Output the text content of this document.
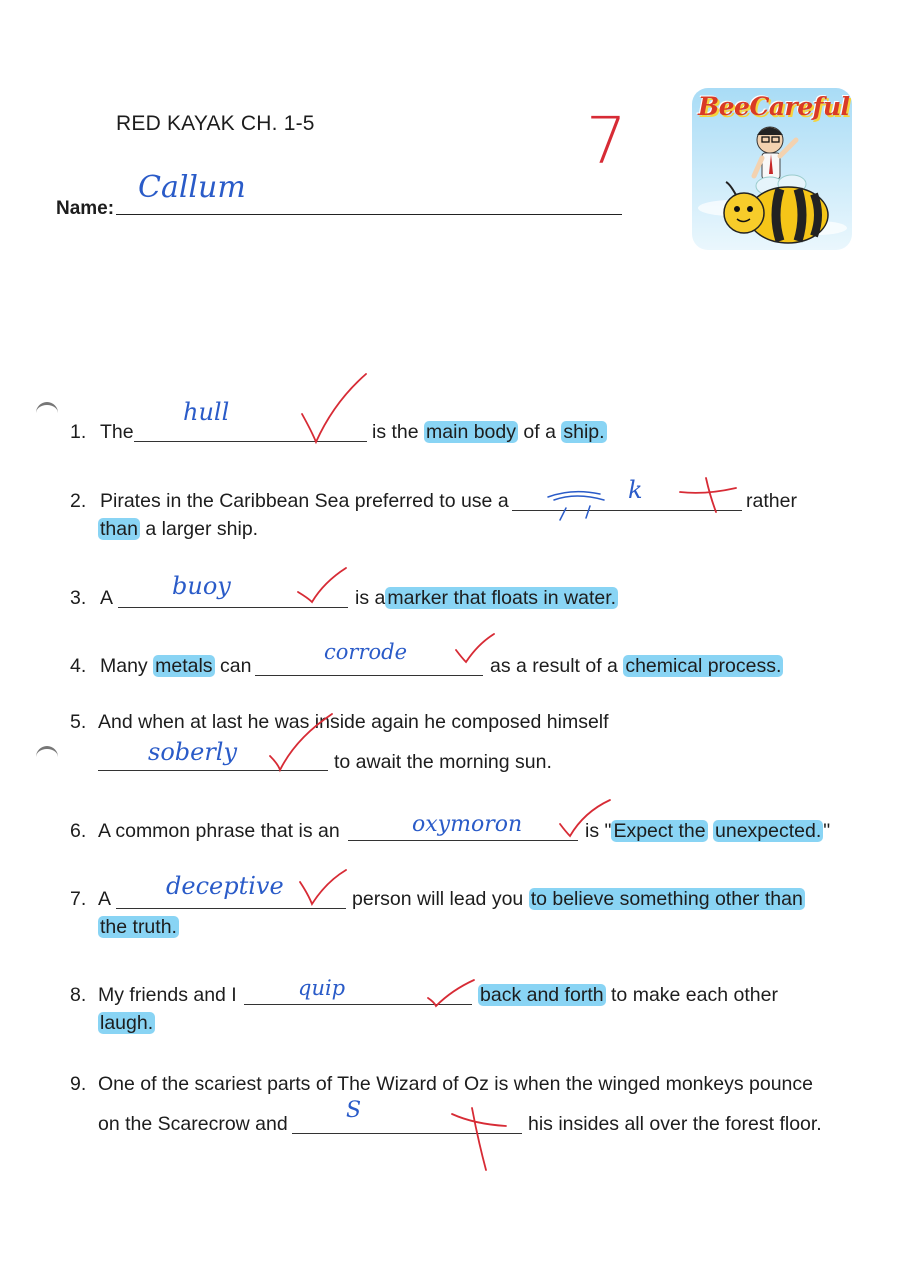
RED KAYAK CH. 1-5	7
Name:
Callum
BeeCareful
1. The
hull
is the main body of a ship.
2. Pirates in the Caribbean Sea preferred to use a	k	rather
than a larger ship.
3. A buoy	is a marker that floats in water.
4. Many metals can
corrode
as a result of a chemical process.
5. And when at last he was inside again he composed himself
soberly	to await the morning sun.
6. A common phrase that is an	oxymoron	is " Expect the unexpected. "
7. A deceptive	person will lead you to believe something other than
the truth.
8. My friends and I	quip	back and forth to make each other
laugh.
9. One of the scariest parts of The Wizard of Oz is when the winged monkeys pounce
on the Scarecrow and
S
his insides all over the forest floor.
